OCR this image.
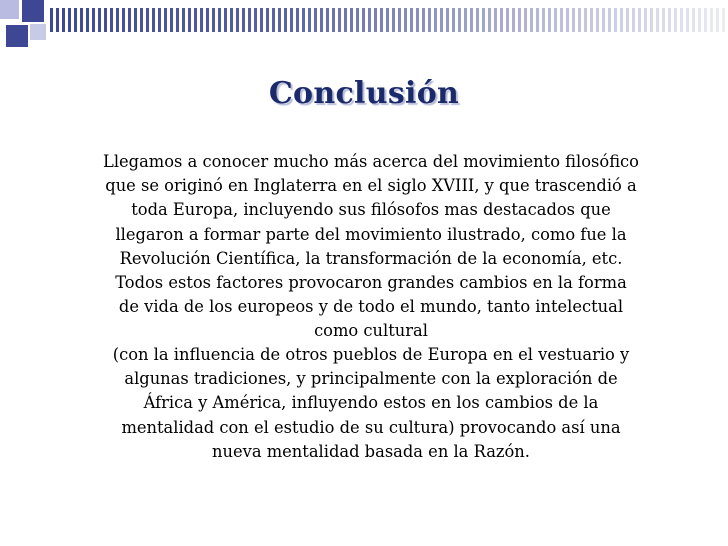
Conclusión
Llegamos a conocer mucho más acerca del movimiento filosófico
que se originó en Inglaterra en el siglo XVIII, y que trascendió a
toda Europa, incluyendo sus filósofos mas destacados que
llegaron a formar parte del movimiento ilustrado, como fue la
Revolución Científica, la transformación de la economía, etc.
Todos estos factores provocaron grandes cambios en la forma
de vida de los europeos y de todo el mundo, tanto intelectual
como cultural
(con la influencia de otros pueblos de Europa en el vestuario y
algunas tradiciones, y principalmente con la exploración de
África y América, influyendo estos en los cambios de la
mentalidad con el estudio de su cultura) provocando así una
nueva mentalidad basada en la Razón.
